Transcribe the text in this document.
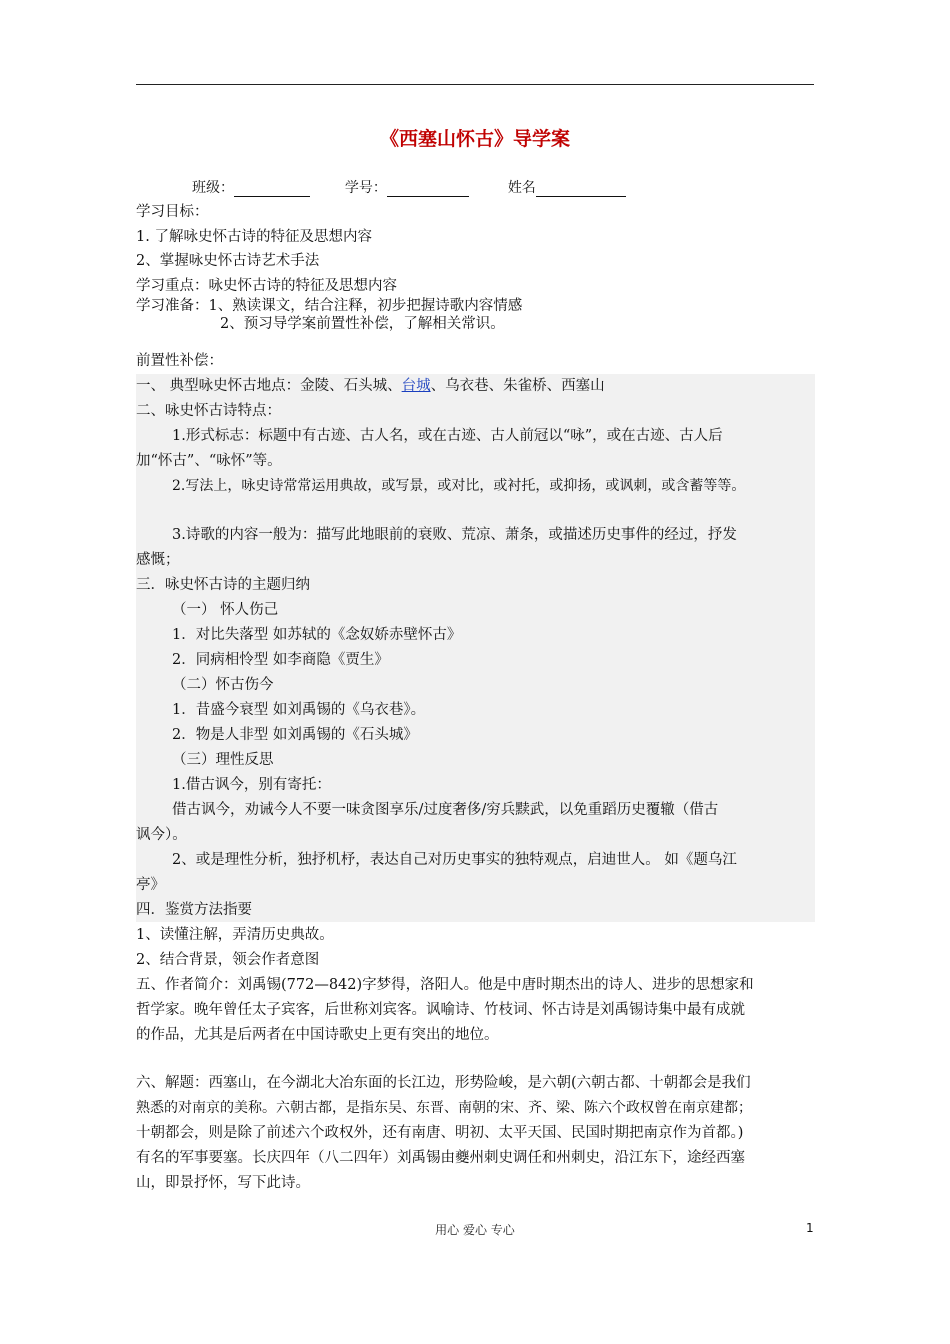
《西塞山怀古》导学案
班级：	学号：	姓名
学习目标：
1. 了解咏史怀古诗的特征及思想内容
2、掌握咏史怀古诗艺术手法
学习重点：咏史怀古诗的特征及思想内容
学习准备：1、熟读课文，结合注释，初步把握诗歌内容情感
2、预习导学案前置性补偿，了解相关常识。
前置性补偿：
一、 典型咏史怀古地点：金陵、石头城、台城、乌衣巷、朱雀桥、西塞山
二、咏史怀古诗特点：
1.形式标志：标题中有古迹、古人名，或在古迹、古人前冠以“咏”，或在古迹、古人后
加“怀古”、“咏怀”等。
2.写法上，咏史诗常常运用典故，或写景，或对比，或衬托，或抑扬，或讽刺，或含蓄等等。
3.诗歌的内容一般为：描写此地眼前的衰败、荒凉、萧条，或描述历史事件的经过，抒发
感慨；
三．咏史怀古诗的主题归纳
（一） 怀人伤己
1．对比失落型 如苏轼的《念奴娇赤壁怀古》
2．同病相怜型 如李商隐《贾生》
（二）怀古伤今
1．昔盛今衰型 如刘禹锡的《乌衣巷》。
2．物是人非型 如刘禹锡的《石头城》
（三）理性反思
1.借古讽今，别有寄托：
借古讽今，劝诫今人不要一味贪图享乐/过度奢侈/穷兵黩武，以免重蹈历史覆辙（借古
讽今）。
2、或是理性分析，独抒机杼，表达自己对历史事实的独特观点，启迪世人。 如《题乌江
亭》
四．鉴赏方法指要
1、读懂注解，弄清历史典故。
2、结合背景，领会作者意图
五、作者简介：刘禹锡(772—842)字梦得，洛阳人。他是中唐时期杰出的诗人、进步的思想家和
哲学家。晚年曾任太子宾客，后世称刘宾客。讽喻诗、竹枝词、怀古诗是刘禹锡诗集中最有成就
的作品，尤其是后两者在中国诗歌史上更有突出的地位。
六、解题：西塞山，在今湖北大冶东面的长江边，形势险峻，是六朝(六朝古都、十朝都会是我们
熟悉的对南京的美称。六朝古都，是指东吴、东晋、南朝的宋、齐、梁、陈六个政权曾在南京建都；
十朝都会，则是除了前述六个政权外，还有南唐、明初、太平天国、民国时期把南京作为首都。)
有名的军事要塞。长庆四年（八二四年）刘禹锡由夔州刺史调任和州刺史，沿江东下，途经西塞
山，即景抒怀，写下此诗。
用心 爱心 专心	1
